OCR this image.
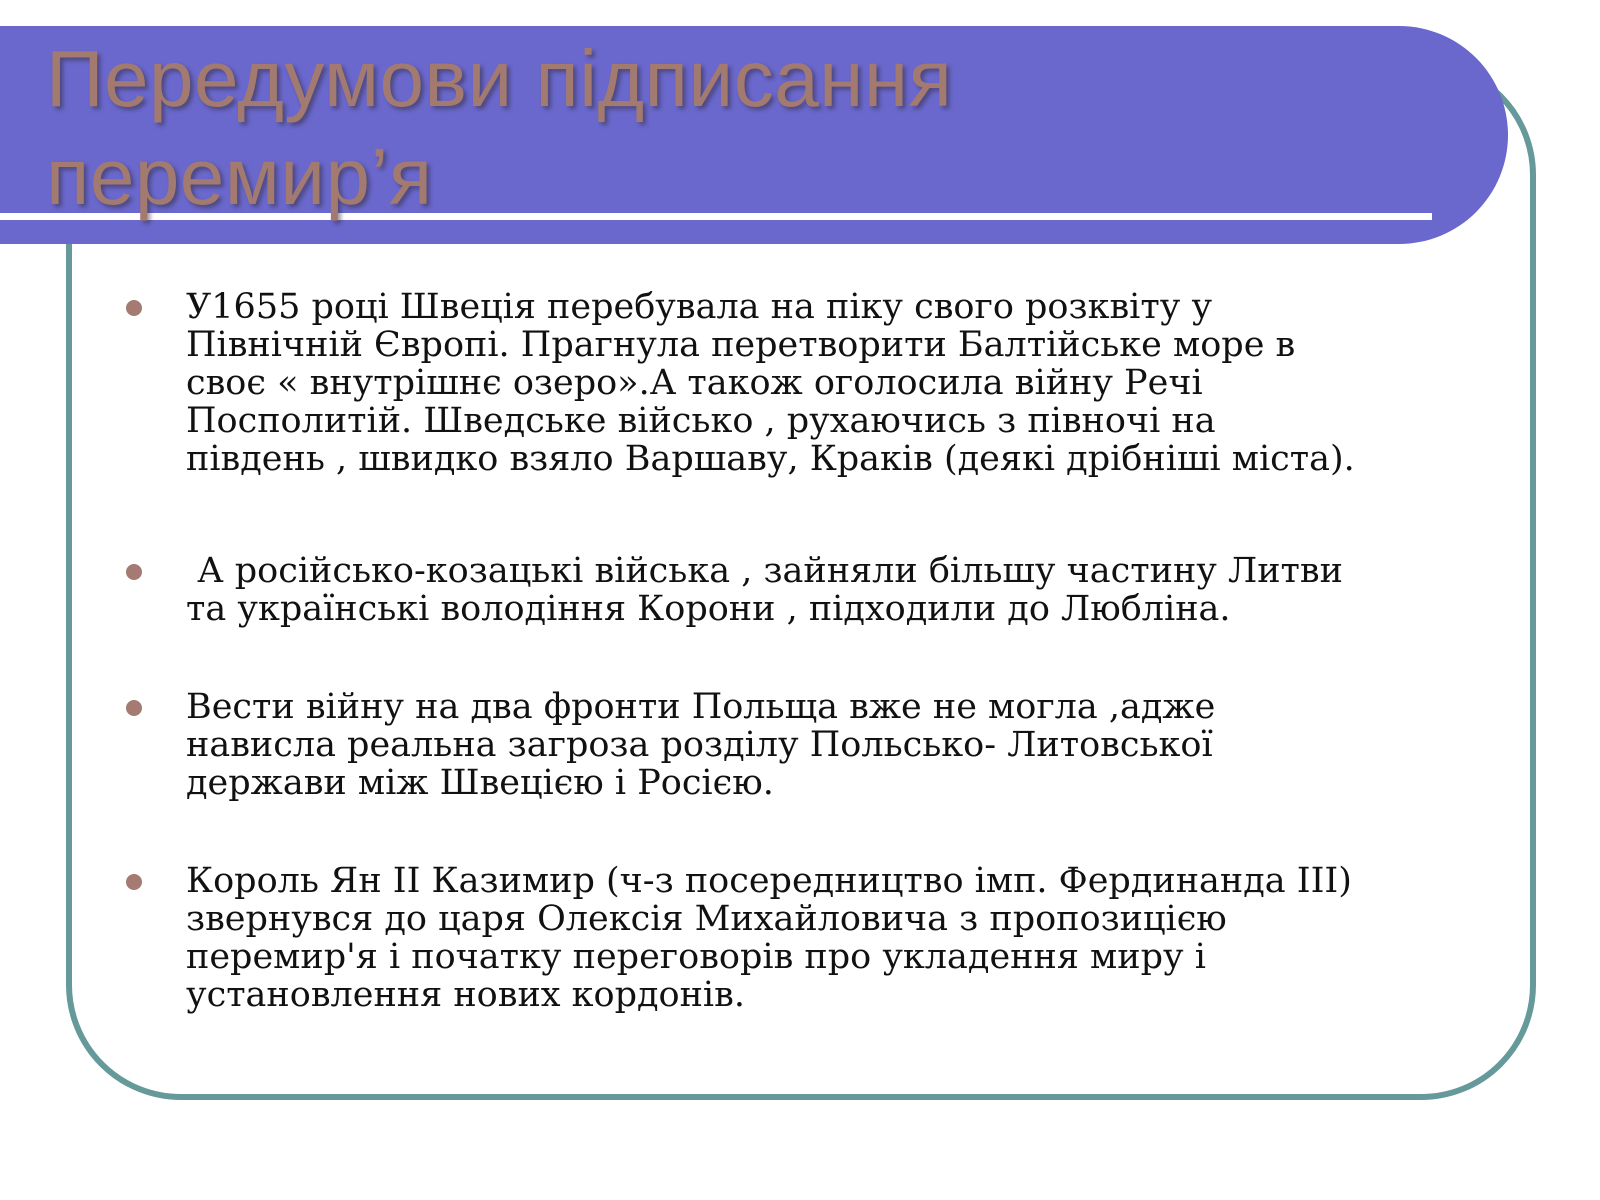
Передумови підписання
перемир’я
У1655 році Швеція перебувала на піку свого розквіту у
Північній Європі. Прагнула перетворити Балтійське море в
своє « внутрішнє озеро».А також оголосила війну Речі
Посполитій. Шведське військо , рухаючись з півночі на
південь , швидко взяло Варшаву, Краків (деякі дрібніші міста).
А російсько-козацькі війська , зайняли більшу частину Литви
та українські володіння Корони , підходили до Любліна.
Вести війну на два фронти Польща вже не могла ,адже
нависла реальна загроза розділу Польсько- Литовської
держави між Швецією і Росією.
Король Ян II Казимир (ч-з посередництво імп. Фердинанда III)
звернувся до царя Олексія Михайловича з пропозицією
перемир'я і початку переговорів про укладення миру і
установлення нових кордонів.
